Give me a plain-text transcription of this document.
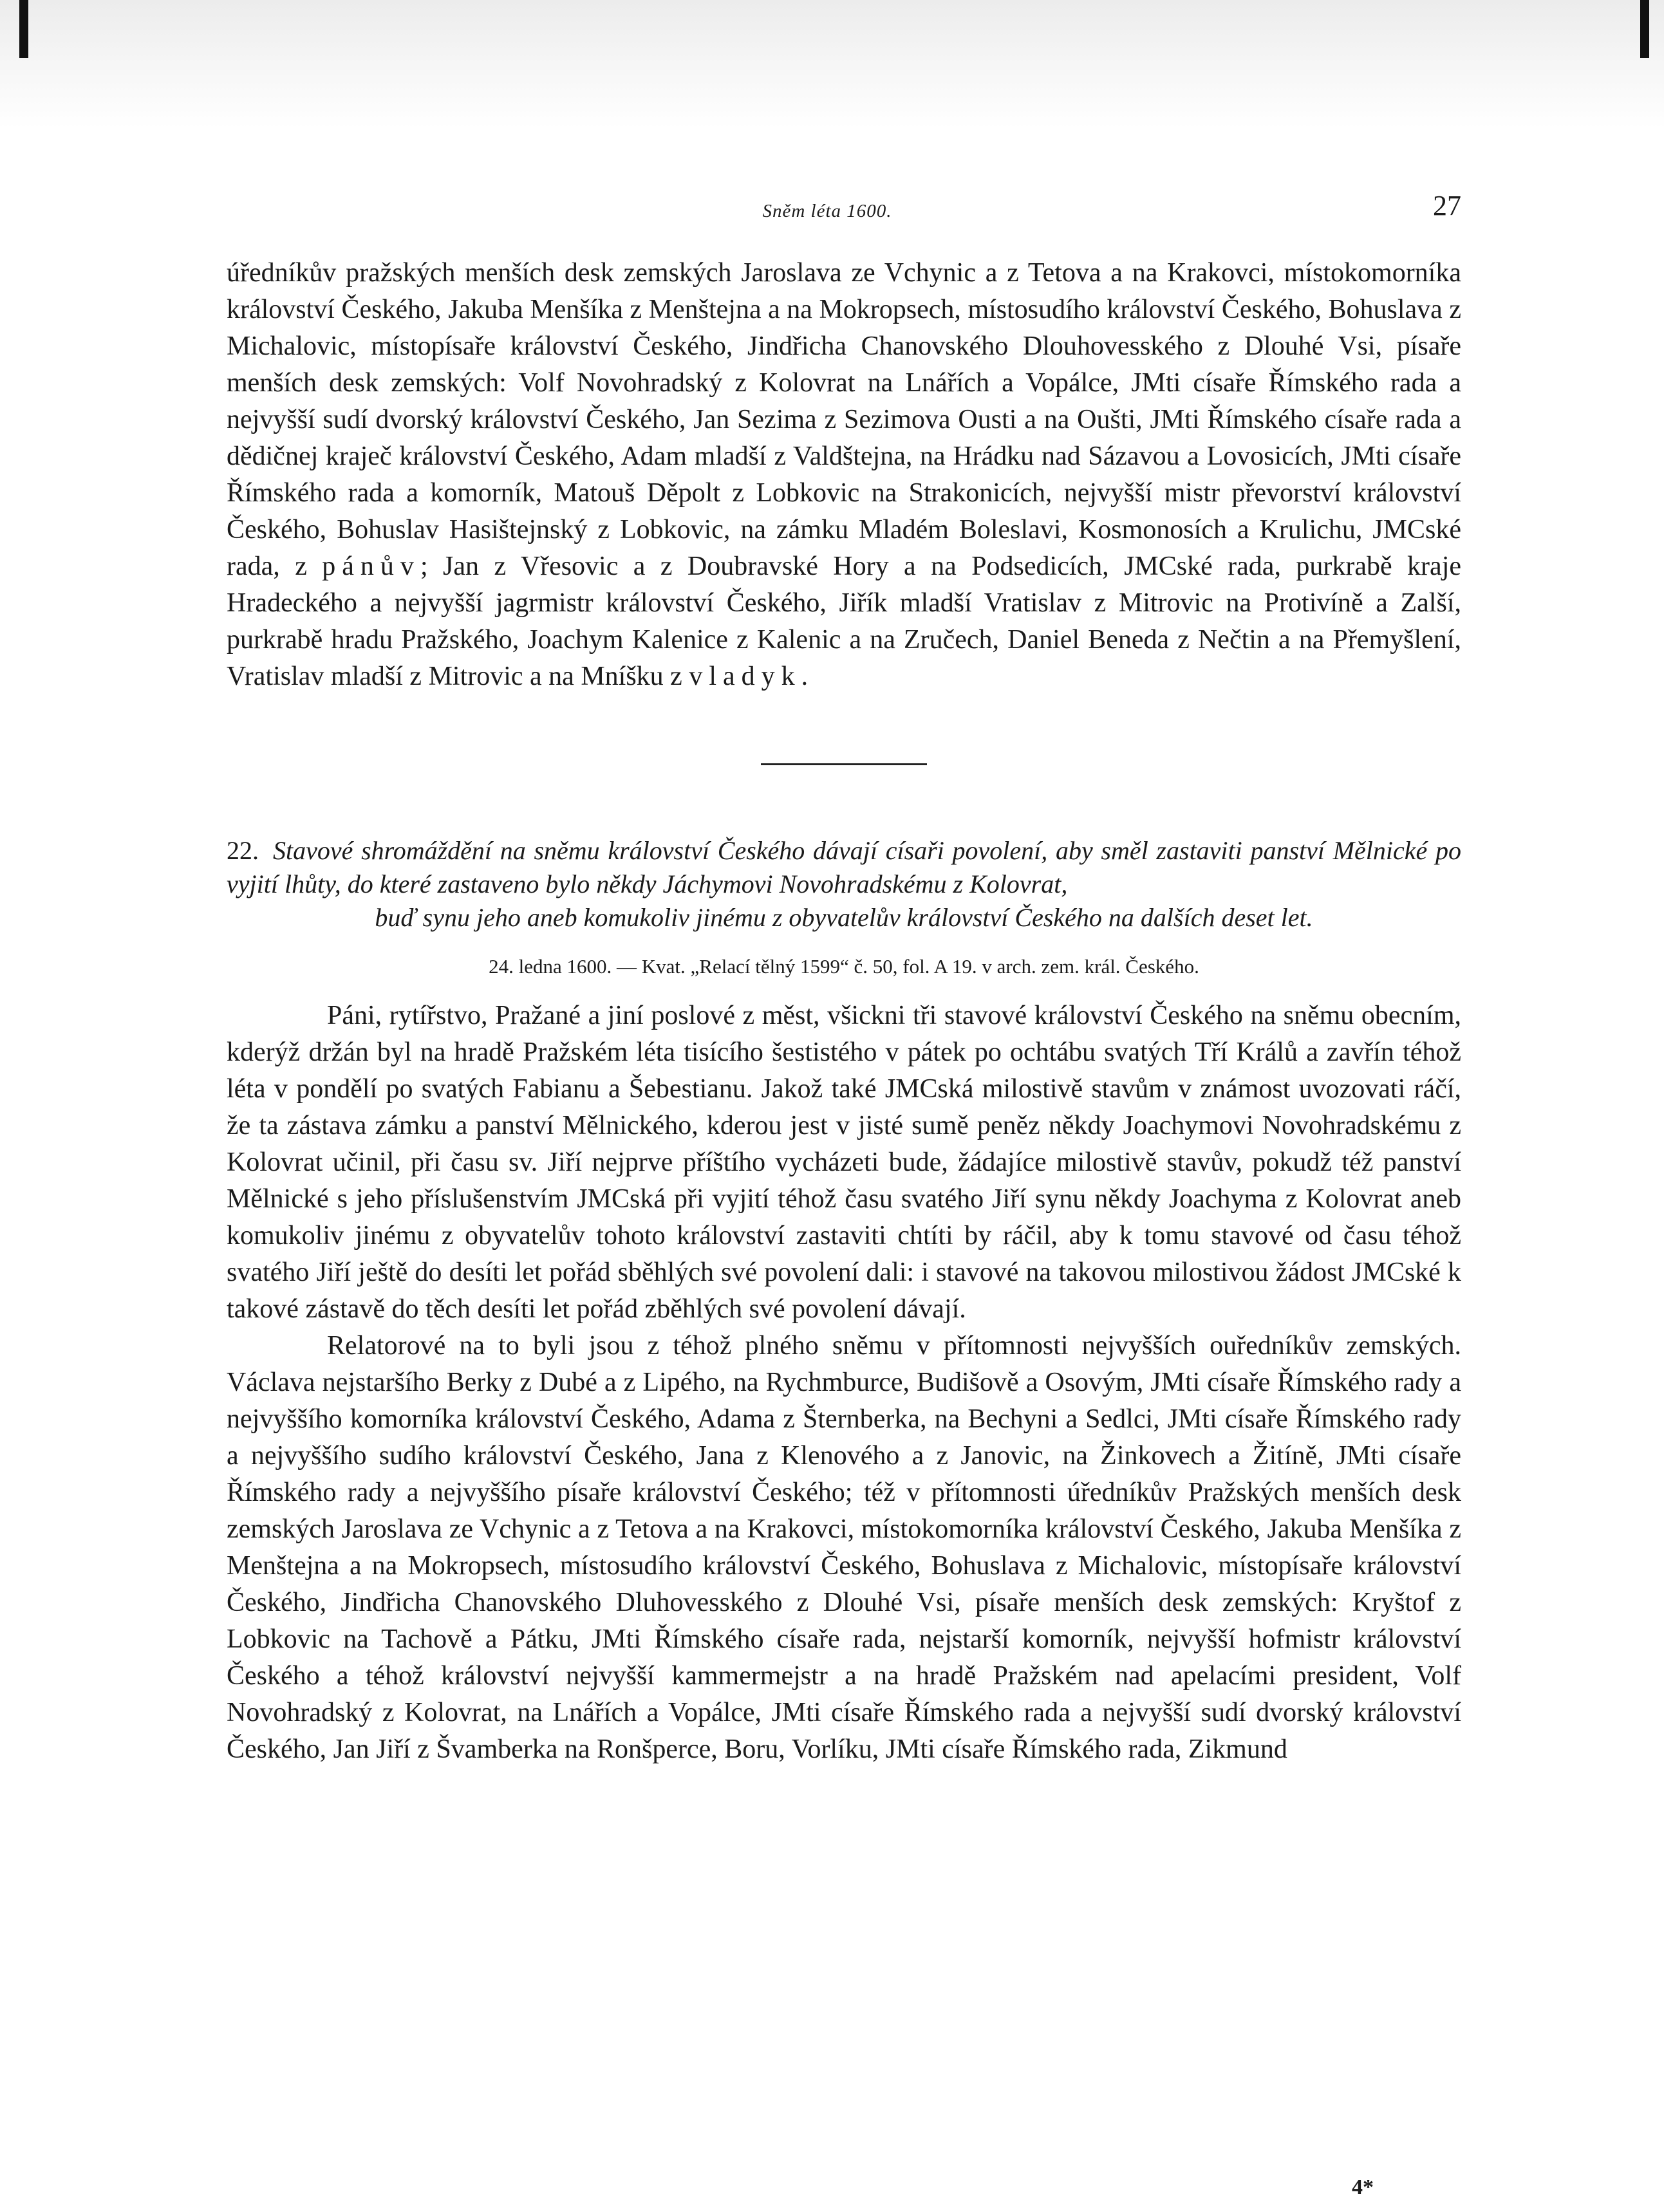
Sněm léta 1600.	27
úředníkův pražských menších desk zemských Jaroslava ze Vchynic a z Tetova a na Krakovci, místokomorníka království Českého, Jakuba Menšíka z Menštejna a na Mokropsech, místosudího království Českého, Bohuslava z Michalovic, místopísaře království Českého, Jindřicha Chanovského Dlouhovesského z Dlouhé Vsi, písaře menších desk zemských: Volf Novohradský z Kolovrat na Lnářích a Vopálce, JMti císaře Římského rada a nejvyšší sudí dvorský království Českého, Jan Sezima z Sezimova Ousti a na Oušti, JMti Římského císaře rada a dědičnej kraječ království Českého, Adam mladší z Valdštejna, na Hrádku nad Sázavou a Lovosicích, JMti císaře Římského rada a komorník, Matouš Děpolt z Lobkovic na Strakonicích, nejvyšší mistr převorství království Českého, Bohuslav Hasištejnský z Lobkovic, na zámku Mladém Boleslavi, Kosmonosích a Krulichu, JMCské rada, z pánův; Jan z Vřesovic a z Doubravské Hory a na Podsedicích, JMCské rada, purkrabě kraje Hradeckého a nejvyšší jagrmistr království Českého, Jiřík mladší Vratislav z Mitrovic na Protivíně a Zalší, purkrabě hradu Pražského, Joachym Kalenice z Kalenic a na Zručech, Daniel Beneda z Nečtin a na Přemyšlení, Vratislav mladší z Mitrovic a na Mníšku z vladyk.
22. Stavové shromáždění na sněmu království Českého dávají císaři povolení, aby směl zastaviti panství Mělnické po vyjití lhůty, do které zastaveno bylo někdy Jáchymovi Novohradskému z Kolovrat,
buď synu jeho aneb komukoliv jinému z obyvatelův království Českého na dalších deset let.
24. ledna 1600. — Kvat. „Relací tělný 1599“ č. 50, fol. A 19. v arch. zem. král. Českého.

Páni, rytířstvo, Pražané a jiní poslové z měst, všickni tři stavové království Českého na sněmu obecním, kderýž držán byl na hradě Pražském léta tisícího šestistého v pátek po ochtábu svatých Tří Králů a zavřín téhož léta v pondělí po svatých Fabianu a Šebestianu. Jakož také JMCská milostivě stavům v známost uvozovati ráčí, že ta zástava zámku a panství Mělnického, kderou jest v jisté sumě peněz někdy Joachymovi Novohradskému z Kolovrat učinil, při času sv. Jiří nejprve příštího vycházeti bude, žádajíce milostivě stavův, pokudž též panství Mělnické s jeho příslušenstvím JMCská při vyjití téhož času svatého Jiří synu někdy Joachyma z Kolovrat aneb komukoliv jinému z obyvatelův tohoto království zastaviti chtíti by ráčil, aby k tomu stavové od času téhož svatého Jiří ještě do desíti let pořád sběhlých své povolení dali: i stavové na takovou milostivou žádost JMCské k takové zástavě do těch desíti let pořád zběhlých své povolení dávají.

Relatorové na to byli jsou z téhož plného sněmu v přítomnosti nejvyšších ouředníkův zemských. Václava nejstaršího Berky z Dubé a z Lipého, na Rychmburce, Budišově a Osovým, JMti císaře Římského rady a nejvyššího komorníka království Českého, Adama z Šternberka, na Bechyni a Sedlci, JMti císaře Římského rady a nejvyššího sudího království Českého, Jana z Klenového a z Janovic, na Žinkovech a Žitíně, JMti císaře Římského rady a nejvyššího písaře království Českého; též v přítomnosti úředníkův Pražských menších desk zemských Jaroslava ze Vchynic a z Tetova a na Krakovci, místokomorníka království Českého, Jakuba Menšíka z Menštejna a na Mokropsech, místosudího království Českého, Bohuslava z Michalovic, místopísaře království Českého, Jindřicha Chanovského Dluhovesského z Dlouhé Vsi, písaře menších desk zemských: Kryštof z Lobkovic na Tachově a Pátku, JMti Římského císaře rada, nejstarší komorník, nejvyšší hofmistr království Českého a téhož království nejvyšší kammermejstr a na hradě Pražském nad apelacími president, Volf Novohradský z Kolovrat, na Lnářích a Vopálce, JMti císaře Římského rada a nejvyšší sudí dvorský království Českého, Jan Jiří z Švamberka na Ronšperce, Boru, Vorlíku, JMti císaře Římského rada, Zikmund

4*
